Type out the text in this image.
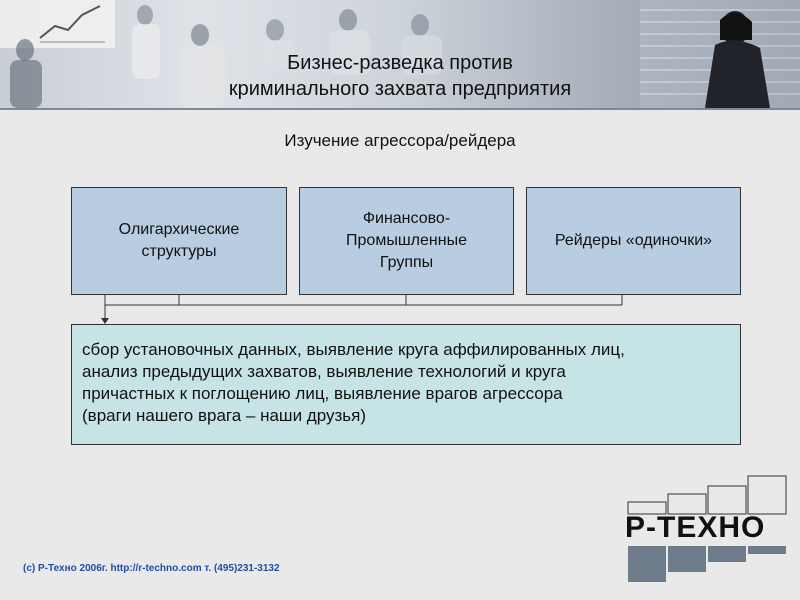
Бизнес-разведка против
криминального захвата предприятия
Изучение агрессора/рейдера
Олигархические
структуры
Финансово-
Промышленные
Группы
Рейдеры «одиночки»
сбор установочных данных, выявление круга аффилированных лиц,
анализ предыдущих захватов, выявление технологий и круга
причастных к поглощению лиц, выявление врагов агрессора
(враги нашего врага – наши друзья)
(c) Р-Техно 2006г. http://r-techno.com т. (495)231-3132
Р-ТЕХНО
